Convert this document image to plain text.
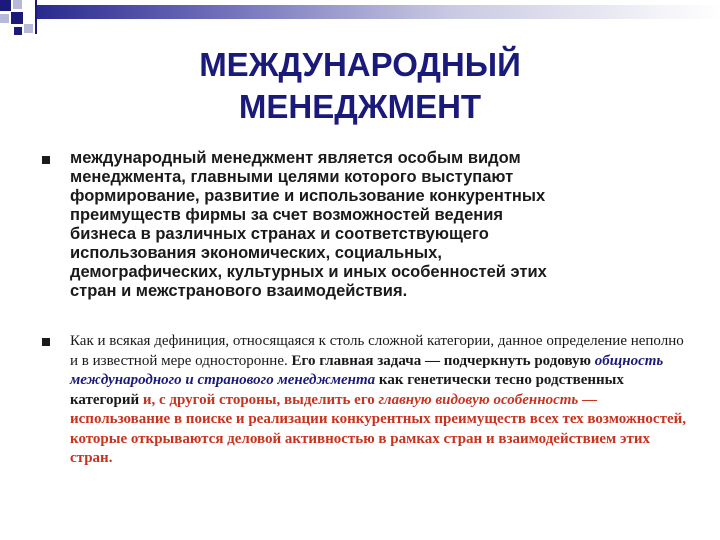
МЕЖДУНАРОДНЫЙ
МЕНЕДЖМЕНТ
международный менеджмент является особым видом
менеджмента, главными целями которого выступают
формирование, развитие и использование конкурентных
преимуществ фирмы за счет возможностей ведения
бизнеса в различных странах и соответствующего
использования экономических, социальных,
демографических, культурных и иных особенностей этих
стран и межстранового взаимодействия.
Как и всякая дефиниция, относящаяся к столь сложной категории, данное определение неполно и в известной мере односторонне. Его главная задача — подчеркнуть родовую общность международного и странового менеджмента как генетически тесно родственных категорий и, с другой стороны, выделить его главную видовую особенность — использование в поиске и реализации конкурентных преимуществ всех тех возможностей, которые открываются деловой активностью в рамках стран и взаимодействием этих стран.
